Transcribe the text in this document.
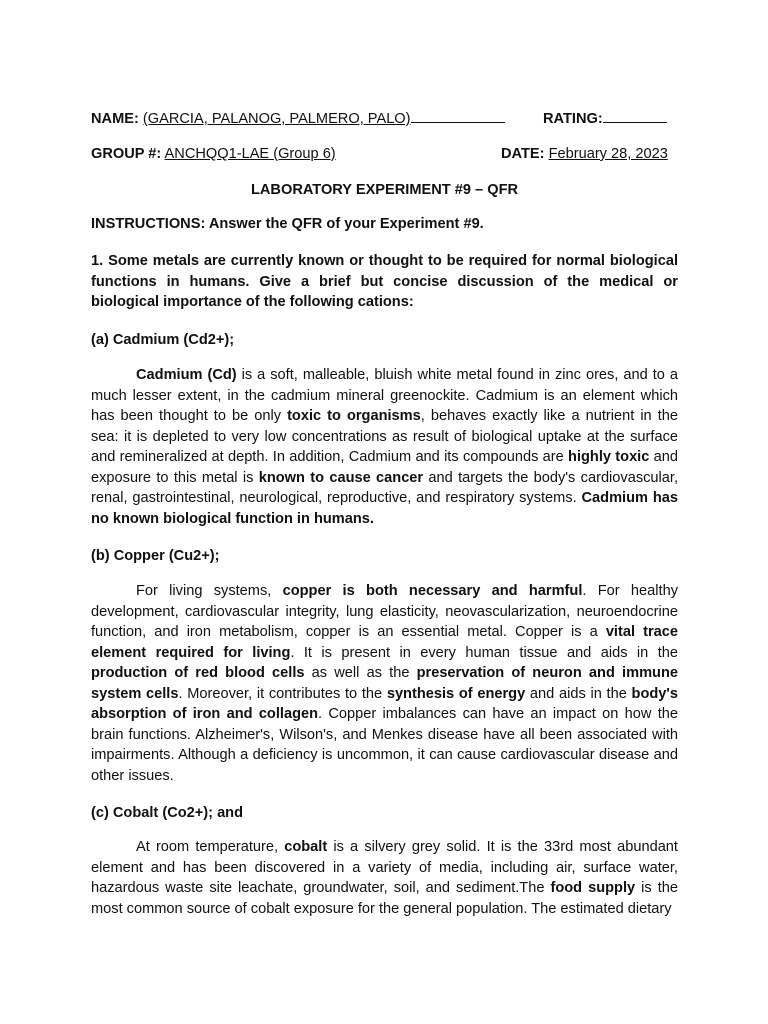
NAME: (GARCIA, PALANOG, PALMERO, PALO)	RATING:
GROUP #: ANCHQQ1-LAE (Group 6)	DATE: February 28, 2023
LABORATORY EXPERIMENT #9 – QFR
INSTRUCTIONS: Answer the QFR of your Experiment #9.
1. Some metals are currently known or thought to be required for normal biological functions in humans. Give a brief but concise discussion of the medical or biological importance of the following cations:
(a) Cadmium (Cd2+);

Cadmium (Cd) is a soft, malleable, bluish white metal found in zinc ores, and to a much lesser extent, in the cadmium mineral greenockite. Cadmium is an element which has been thought to be only toxic to organisms, behaves exactly like a nutrient in the sea: it is depleted to very low concentrations as result of biological uptake at the surface and remineralized at depth. In addition, Cadmium and its compounds are highly toxic and exposure to this metal is known to cause cancer and targets the body's cardiovascular, renal, gastrointestinal, neurological, reproductive, and respiratory systems. Cadmium has no known biological function in humans.

(b) Copper (Cu2+);

For living systems, copper is both necessary and harmful. For healthy development, cardiovascular integrity, lung elasticity, neovascularization, neuroendocrine function, and iron metabolism, copper is an essential metal. Copper is a vital trace element required for living. It is present in every human tissue and aids in the production of red blood cells as well as the preservation of neuron and immune system cells. Moreover, it contributes to the synthesis of energy and aids in the body's absorption of iron and collagen. Copper imbalances can have an impact on how the brain functions. Alzheimer's, Wilson's, and Menkes disease have all been associated with impairments. Although a deficiency is uncommon, it can cause cardiovascular disease and other issues.

(c) Cobalt (Co2+); and

At room temperature, cobalt is a silvery grey solid. It is the 33rd most abundant element and has been discovered in a variety of media, including air, surface water, hazardous waste site leachate, groundwater, soil, and sediment.The food supply is the most common source of cobalt exposure for the general population. The estimated dietary
